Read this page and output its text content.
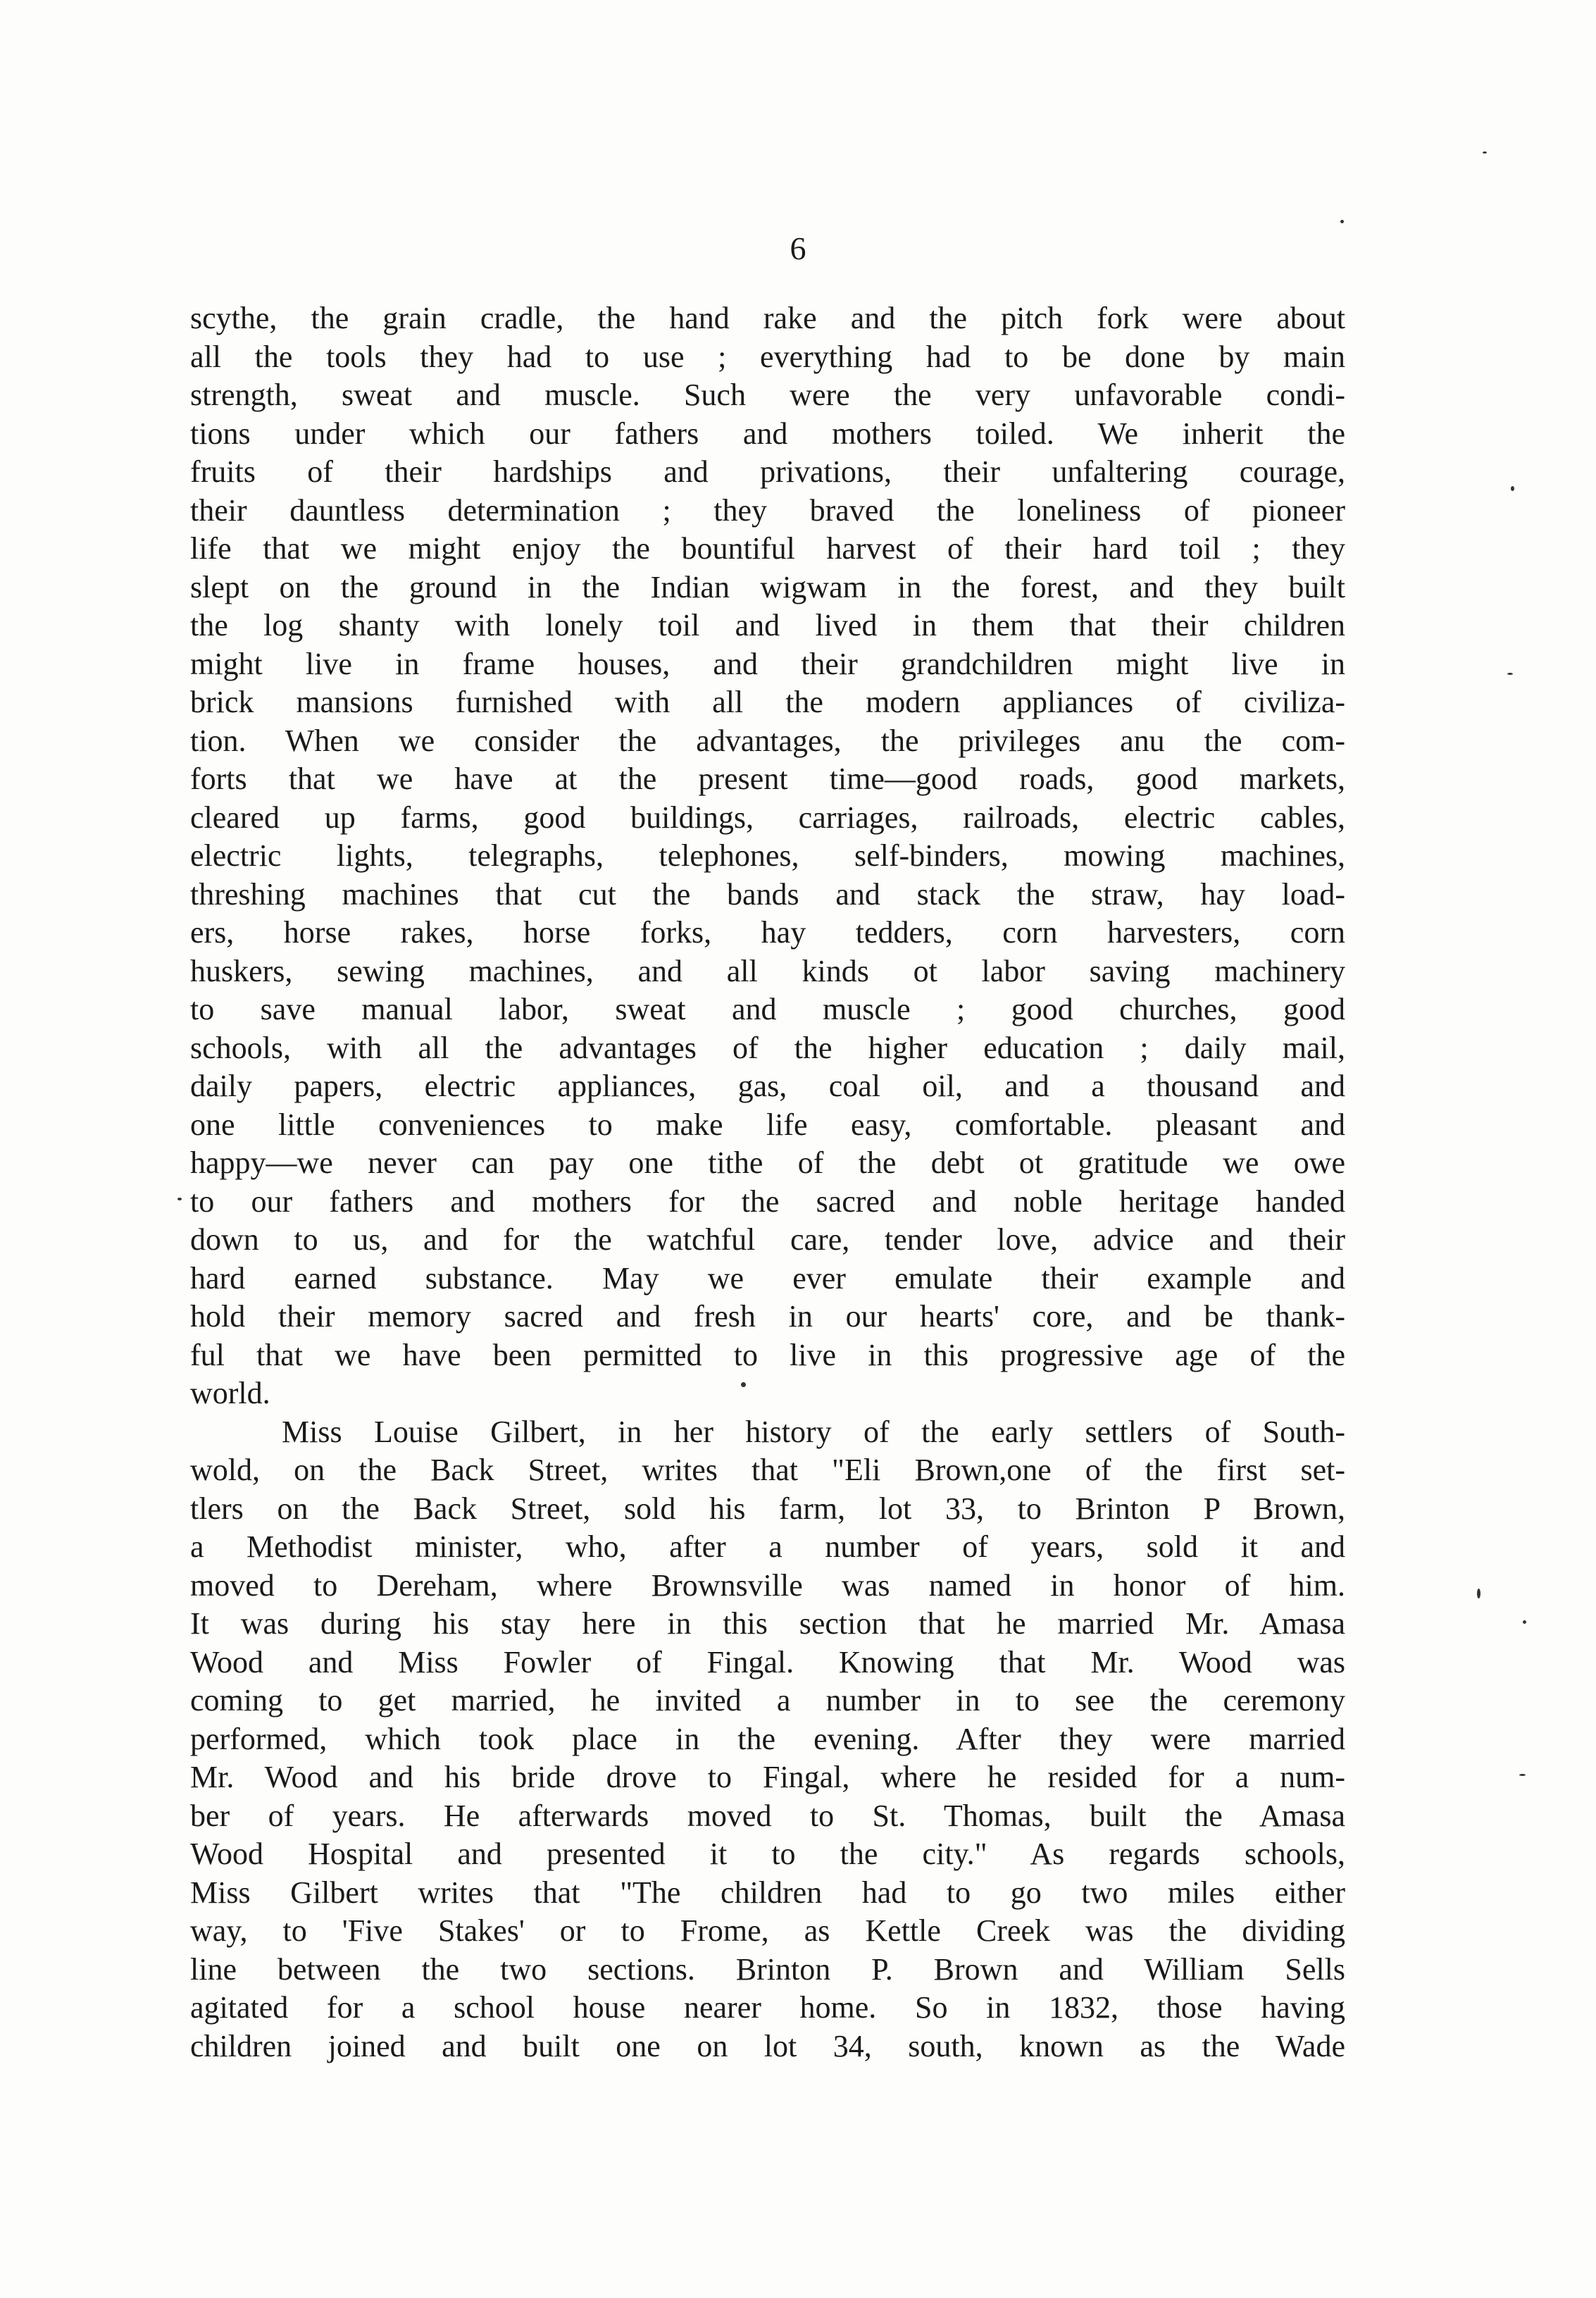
6
scythe, the grain cradle, the hand rake and the pitch fork were about
all the tools they had to use ; everything had to be done by main
strength, sweat and muscle. Such were the very unfavorable condi-
tions under which our fathers and mothers toiled. We inherit the
fruits of their hardships and privations, their unfaltering courage,
their dauntless determination ; they braved the loneliness of pioneer
life that we might enjoy the bountiful harvest of their hard toil ; they
slept on the ground in the Indian wigwam in the forest, and they built
the log shanty with lonely toil and lived in them that their children
might live in frame houses, and their grandchildren might live in
brick mansions furnished with all the modern appliances of civiliza-
tion. When we consider the advantages, the privileges anu the com-
forts that we have at the present time—good roads, good markets,
cleared up farms, good buildings, carriages, railroads, electric cables,
electric lights, telegraphs, telephones, self-binders, mowing machines,
threshing machines that cut the bands and stack the straw, hay load-
ers, horse rakes, horse forks, hay tedders, corn harvesters, corn
huskers, sewing machines, and all kinds ot labor saving machinery
to save manual labor, sweat and muscle ; good churches, good
schools, with all the advantages of the higher education ; daily mail,
daily papers, electric appliances, gas, coal oil, and a thousand and
one little conveniences to make life easy, comfortable. pleasant and
happy—we never can pay one tithe of the debt ot gratitude we owe
to our fathers and mothers for the sacred and noble heritage handed
down to us, and for the watchful care, tender love, advice and their
hard earned substance. May we ever emulate their example and
hold their memory sacred and fresh in our hearts' core, and be thank-
ful that we have been permitted to live in this progressive age of the
world.
Miss Louise Gilbert, in her history of the early settlers of South-
wold, on the Back Street, writes that "Eli Brown,one of the first set-
tlers on the Back Street, sold his farm, lot 33, to Brinton P Brown,
a Methodist minister, who, after a number of years, sold it and
moved to Dereham, where Brownsville was named in honor of him.
It was during his stay here in this section that he married Mr. Amasa
Wood and Miss Fowler of Fingal. Knowing that Mr. Wood was
coming to get married, he invited a number in to see the ceremony
performed, which took place in the evening. After they were married
Mr. Wood and his bride drove to Fingal, where he resided for a num-
ber of years. He afterwards moved to St. Thomas, built the Amasa
Wood Hospital and presented it to the city." As regards schools,
Miss Gilbert writes that "The children had to go two miles either
way, to 'Five Stakes' or to Frome, as Kettle Creek was the dividing
line between the two sections. Brinton P. Brown and William Sells
agitated for a school house nearer home. So in 1832, those having
children joined and built one on lot 34, south, known as the Wade
